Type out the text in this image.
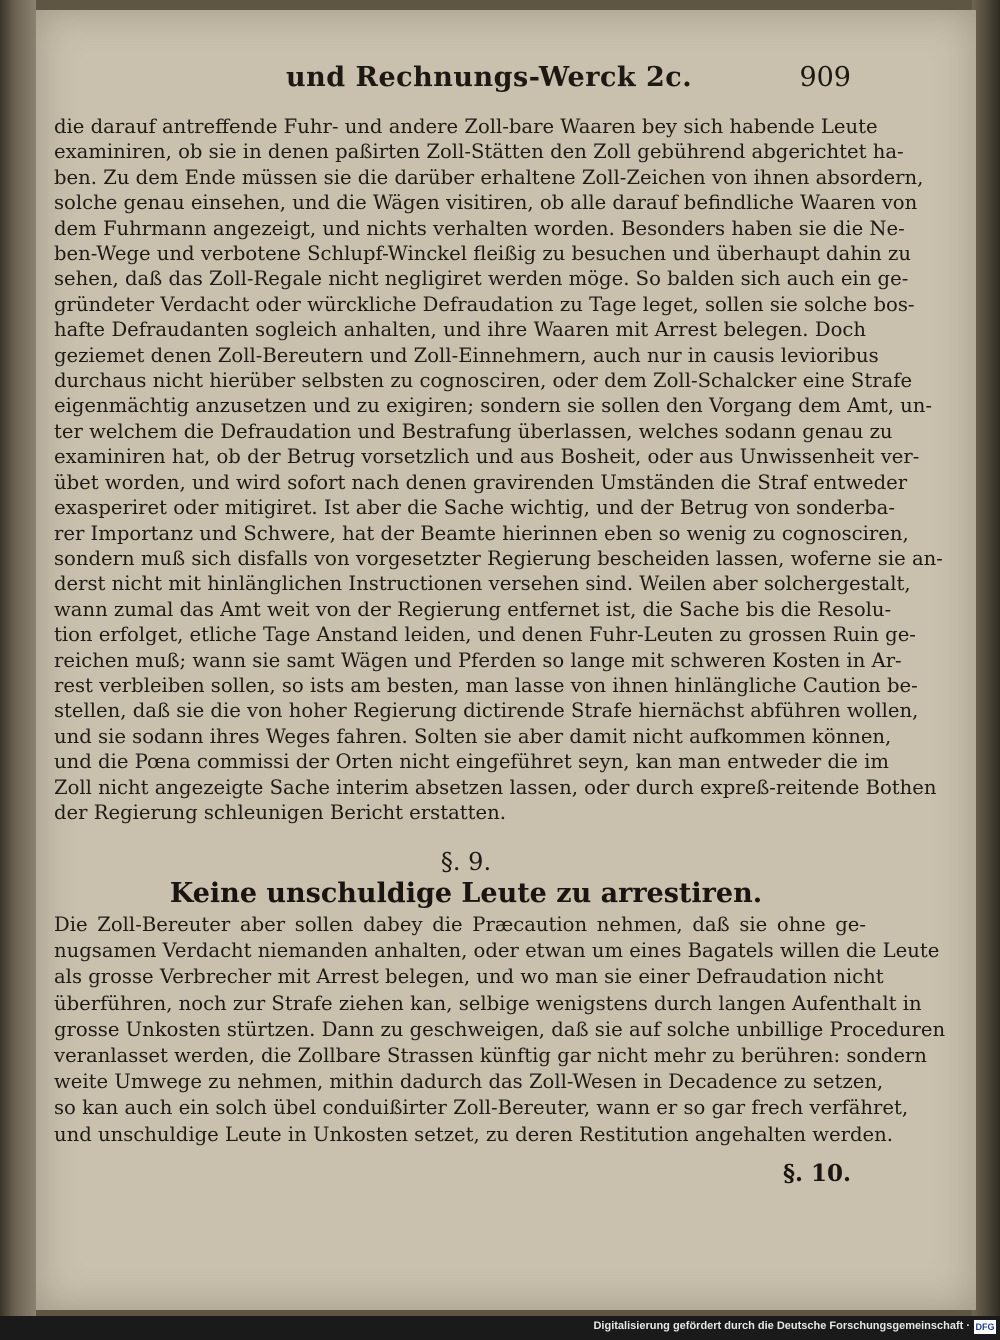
und Rechnungs-Werck 2c.	909
die darauf antreffende Fuhr- und andere Zoll-bare Waaren bey sich habende Leute
examiniren, ob sie in denen paßirten Zoll-Stätten den Zoll gebührend abgerichtet ha-
ben. Zu dem Ende müssen sie die darüber erhaltene Zoll-Zeichen von ihnen absordern,
solche genau einsehen, und die Wägen visitiren, ob alle darauf befindliche Waaren von
dem Fuhrmann angezeigt, und nichts verhalten worden. Besonders haben sie die Ne-
ben-Wege und verbotene Schlupf-Winckel fleißig zu besuchen und überhaupt dahin zu
sehen, daß das Zoll-Regale nicht negligiret werden möge. So balden sich auch ein ge-
gründeter Verdacht oder würckliche Defraudation zu Tage leget, sollen sie solche bos-
hafte Defraudanten sogleich anhalten, und ihre Waaren mit Arrest belegen. Doch
geziemet denen Zoll-Bereutern und Zoll-Einnehmern, auch nur in causis levioribus
durchaus nicht hierüber selbsten zu cognosciren, oder dem Zoll-Schalcker eine Strafe
eigenmächtig anzusetzen und zu exigiren; sondern sie sollen den Vorgang dem Amt, un-
ter welchem die Defraudation und Bestrafung überlassen, welches sodann genau zu
examiniren hat, ob der Betrug vorsetzlich und aus Bosheit, oder aus Unwissenheit ver-
übet worden, und wird sofort nach denen gravirenden Umständen die Straf entweder
exasperiret oder mitigiret. Ist aber die Sache wichtig, und der Betrug von sonderba-
rer Importanz und Schwere, hat der Beamte hierinnen eben so wenig zu cognosciren,
sondern muß sich disfalls von vorgesetzter Regierung bescheiden lassen, woferne sie an-
derst nicht mit hinlänglichen Instructionen versehen sind. Weilen aber solchergestalt,
wann zumal das Amt weit von der Regierung entfernet ist, die Sache bis die Resolu-
tion erfolget, etliche Tage Anstand leiden, und denen Fuhr-Leuten zu grossen Ruin ge-
reichen muß; wann sie samt Wägen und Pferden so lange mit schweren Kosten in Ar-
rest verbleiben sollen, so ists am besten, man lasse von ihnen hinlängliche Caution be-
stellen, daß sie die von hoher Regierung dictirende Strafe hiernächst abführen wollen,
und sie sodann ihres Weges fahren. Solten sie aber damit nicht aufkommen können,
und die Pœna commissi der Orten nicht eingeführet seyn, kan man entweder die im
Zoll nicht angezeigte Sache interim absetzen lassen, oder durch expreß-reitende Bothen
der Regierung schleunigen Bericht erstatten.
§. 9.
Keine unschuldige Leute zu arrestiren.
Die Zoll-Bereuter aber sollen dabey die Præcaution nehmen, daß sie ohne ge-
nugsamen Verdacht niemanden anhalten, oder etwan um eines Bagatels willen die Leute
als grosse Verbrecher mit Arrest belegen, und wo man sie einer Defraudation nicht
überführen, noch zur Strafe ziehen kan, selbige wenigstens durch langen Aufenthalt in
grosse Unkosten stürtzen. Dann zu geschweigen, daß sie auf solche unbillige Proceduren
veranlasset werden, die Zollbare Strassen künftig gar nicht mehr zu berühren: sondern
weite Umwege zu nehmen, mithin dadurch das Zoll-Wesen in Decadence zu setzen,
so kan auch ein solch übel conduißirter Zoll-Bereuter, wann er so gar frech verfähret,
und unschuldige Leute in Unkosten setzet, zu deren Restitution angehalten werden.
§. 10.
Digitalisierung gefördert durch die Deutsche Forschungsgemeinschaft · DFG
